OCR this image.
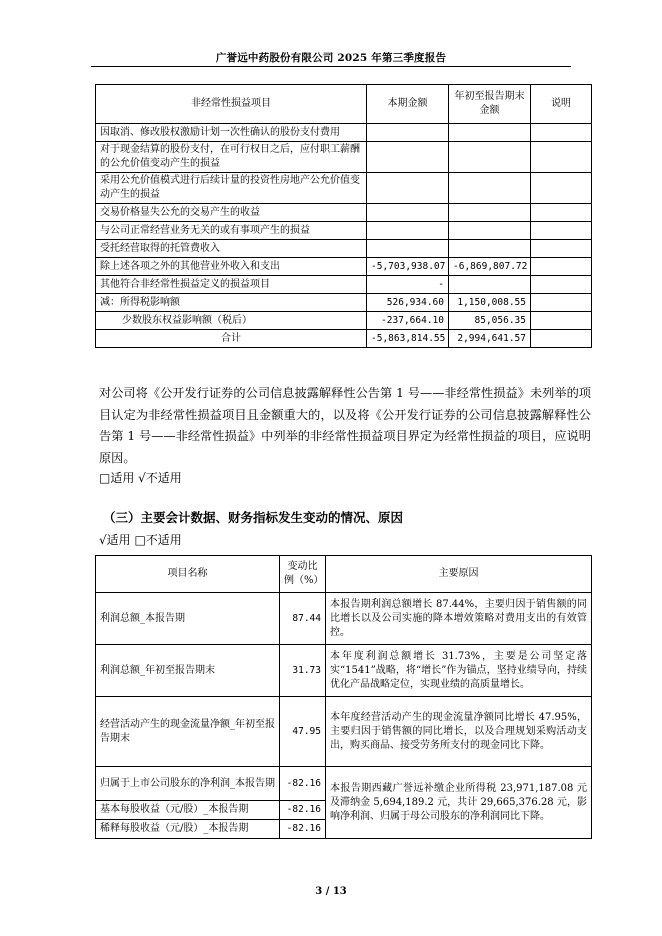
广誉远中药股份有限公司 2025 年第三季度报告
非经常性损益项目	本期金额	年初至报告期末金额	说明
因取消、修改股权激励计划一次性确认的股份支付费用			
对于现金结算的股份支付，在可行权日之后，应付职工薪酬的公允价值变动产生的损益			
采用公允价值模式进行后续计量的投资性房地产公允价值变动产生的损益			
交易价格显失公允的交易产生的收益			
与公司正常经营业务无关的或有事项产生的损益			
受托经营取得的托管费收入			
除上述各项之外的其他营业外收入和支出	-5,703,938.07	-6,869,807.72	
其他符合非经常性损益定义的损益项目	-		
减：所得税影响额	526,934.60	1,150,008.55	
少数股东权益影响额（税后）	-237,664.10	85,056.35	
合计	-5,863,814.55	2,994,641.57	
对公司将《公开发行证券的公司信息披露解释性公告第 1 号——非经常性损益》未列举的项目认定为非经常性损益项目且金额重大的，以及将《公开发行证券的公司信息披露解释性公告第 1 号——非经常性损益》中列举的非经常性损益项目界定为经常性损益的项目，应说明原因。
□适用 √不适用
（三）主要会计数据、财务指标发生变动的情况、原因
√适用 □不适用
项目名称	变动比例（%）	主要原因
利润总额_本报告期	87.44	本报告期利润总额增长 87.44%，主要归因于销售额的同比增长以及公司实施的降本增效策略对费用支出的有效管控。
利润总额_年初至报告期末	31.73	本年度利润总额增长 31.73%，主要是公司坚定落实“1541”战略，将“增长”作为锚点，坚持业绩导向，持续优化产品战略定位，实现业绩的高质量增长。
经营活动产生的现金流量净额_年初至报告期末	47.95	本年度经营活动产生的现金流量净额同比增长 47.95%，主要归因于销售额的同比增长，以及合理规划采购活动支出，购买商品、接受劳务所支付的现金同比下降。
归属于上市公司股东的净利润_本报告期	-82.16	本报告期西藏广誉远补缴企业所得税 23,971,187.08 元及滞纳金 5,694,189.2 元，共计 29,665,376.28 元，影响净利润、归属于母公司股东的净利润同比下降。
基本每股收益（元/股）_本报告期	-82.16	
稀释每股收益（元/股）_本报告期	-82.16	
3 / 13
